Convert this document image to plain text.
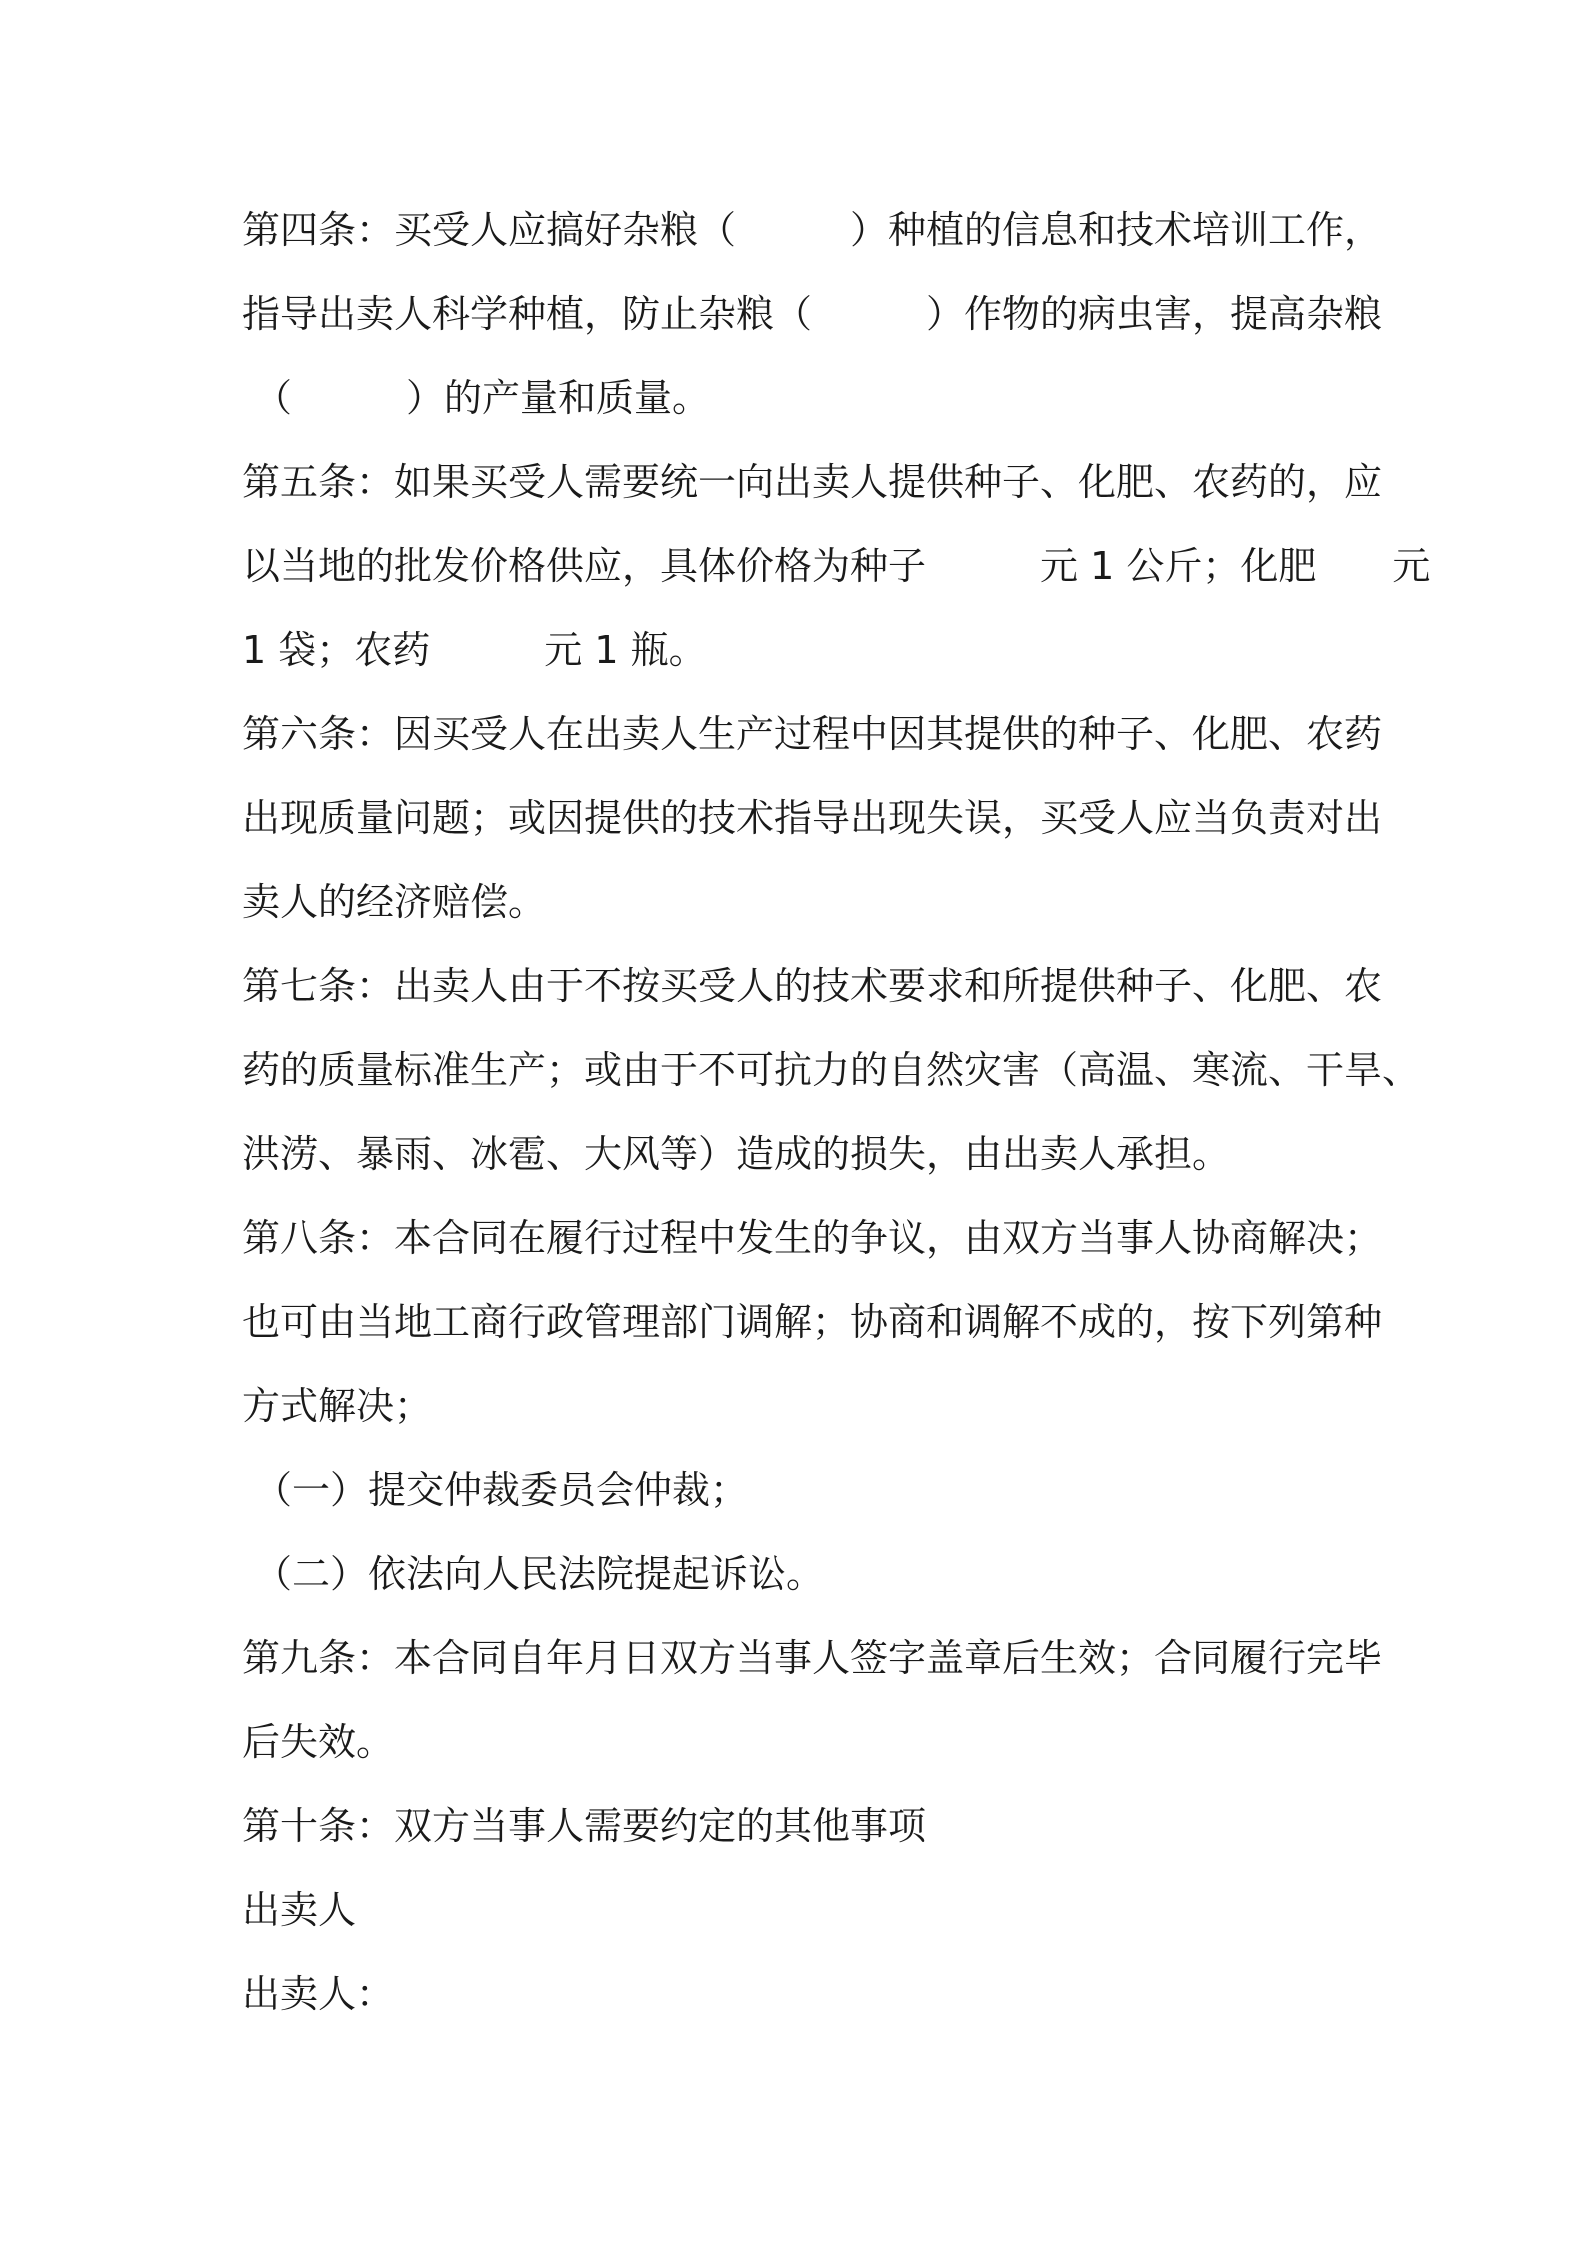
第四条：买受人应搞好杂粮（　　　）种植的信息和技术培训工作，
指导出卖人科学种植，防止杂粮（　　　）作物的病虫害，提高杂粮
（　　　）的产量和质量。
第五条：如果买受人需要统一向出卖人提供种子、化肥、农药的，应
以当地的批发价格供应，具体价格为种子　　　元 1 公斤；化肥　　元
1 袋；农药　　　元 1 瓶。
第六条：因买受人在出卖人生产过程中因其提供的种子、化肥、农药
出现质量问题；或因提供的技术指导出现失误，买受人应当负责对出
卖人的经济赔偿。
第七条：出卖人由于不按买受人的技术要求和所提供种子、化肥、农
药的质量标准生产；或由于不可抗力的自然灾害（高温、寒流、干旱、
洪涝、暴雨、冰雹、大风等）造成的损失，由出卖人承担。
第八条：本合同在履行过程中发生的争议，由双方当事人协商解决；
也可由当地工商行政管理部门调解；协商和调解不成的，按下列第种
方式解决；
（一）提交仲裁委员会仲裁；
（二）依法向人民法院提起诉讼。
第九条：本合同自年月日双方当事人签字盖章后生效；合同履行完毕
后失效。
第十条：双方当事人需要约定的其他事项
出卖人
出卖人：
